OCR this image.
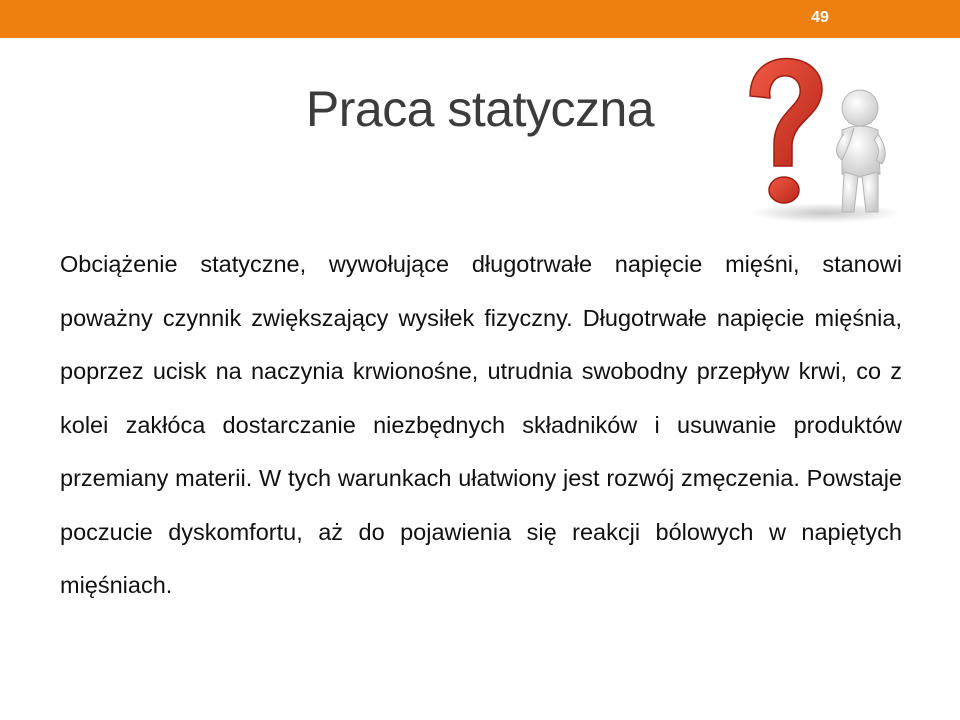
49
Praca statyczna
Obciążenie statyczne, wywołujące długotrwałe napięcie mięśni, stanowi poważny czynnik zwiększający wysiłek fizyczny. Długotrwałe napięcie mięśnia, poprzez ucisk na naczynia krwionośne, utrudnia swobodny przepływ krwi, co z kolei zakłóca dostarczanie niezbędnych składników i usuwanie produktów przemiany materii. W tych warunkach ułatwiony jest rozwój zmęczenia. Powstaje poczucie dyskomfortu, aż do pojawienia się reakcji bólowych w napiętych mięśniach.
